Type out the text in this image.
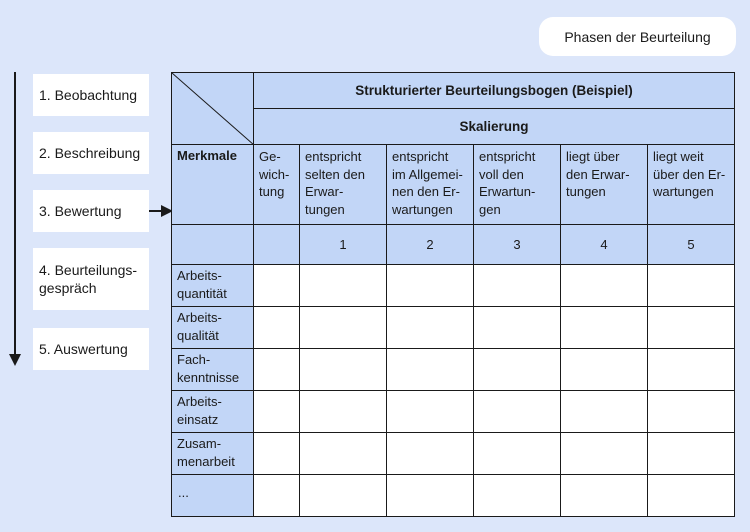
Phasen der Beurteilung
1. Beobachtung
2. Beschreibung
3. Bewertung
4. Beurteilungs-
gespräch
5. Auswertung
	Strukturierter Beurteilungsbogen (Beispiel)					
	Skalierung					
Merkmale	Ge-
wich-
tung	entspricht
selten den
Erwar-
tungen	entspricht
im Allgemei-
nen den Er-
wartungen	entspricht
voll den
Erwartun-
gen	liegt über
den Erwar-
tungen	liegt weit
über den Er-
wartungen
		1	2	3	4	5
Arbeits-
quantität						
Arbeits-
qualität						
Fach-
kenntnisse						
Arbeits-
einsatz						
Zusam-
menarbeit						
...						
